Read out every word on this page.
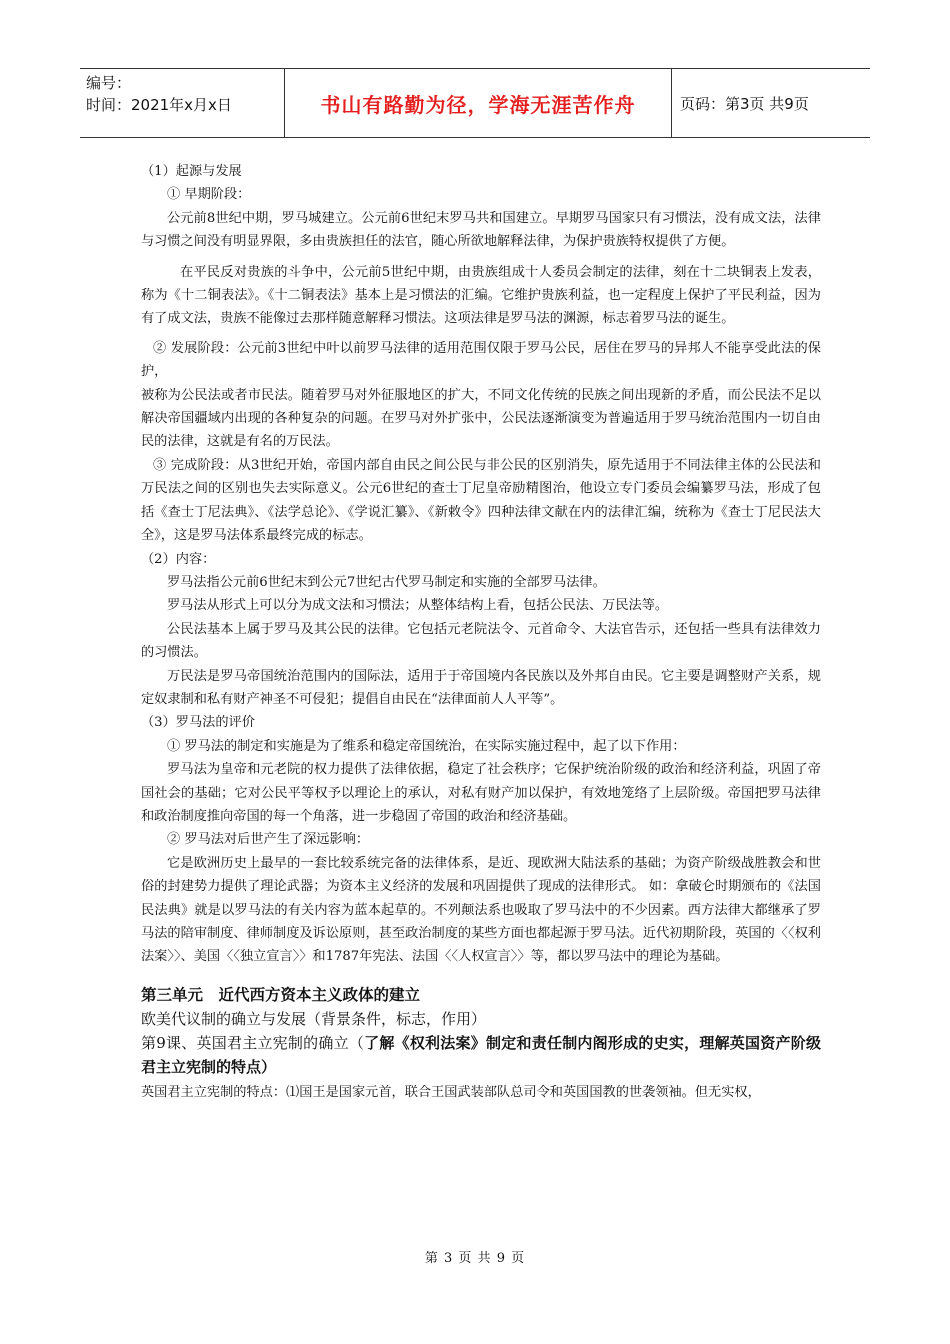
编号：
时间：2021年x月x日	书山有路勤为径，学海无涯苦作舟	页码：第3页 共9页

（1）起源与发展

① 早期阶段：

公元前8世纪中期，罗马城建立。公元前6世纪末罗马共和国建立。早期罗马国家只有习惯法，没有成文法，法律与习惯之间没有明显界限，多由贵族担任的法官，随心所欲地解释法律，为保护贵族特权提供了方便。

在平民反对贵族的斗争中，公元前5世纪中期，由贵族组成十人委员会制定的法律，刻在十二块铜表上发表，称为《十二铜表法》。《十二铜表法》基本上是习惯法的汇编。它维护贵族利益，也一定程度上保护了平民利益，因为有了成文法，贵族不能像过去那样随意解释习惯法。这项法律是罗马法的渊源，标志着罗马法的诞生。

② 发展阶段：公元前3世纪中叶以前罗马法律的适用范围仅限于罗马公民，居住在罗马的异邦人不能享受此法的保护，

被称为公民法或者市民法。随着罗马对外征服地区的扩大，不同文化传统的民族之间出现新的矛盾，而公民法不足以解决帝国疆域内出现的各种复杂的问题。在罗马对外扩张中，公民法逐渐演变为普遍适用于罗马统治范围内一切自由民的法律，这就是有名的万民法。

③ 完成阶段：从3世纪开始，帝国内部自由民之间公民与非公民的区别消失，原先适用于不同法律主体的公民法和万民法之间的区别也失去实际意义。公元6世纪的查士丁尼皇帝励精图治，他设立专门委员会编纂罗马法，形成了包括《查士丁尼法典》、《法学总论》、《学说汇纂》、《新敕令》四种法律文献在内的法律汇编，统称为《查士丁尼民法大全》，这是罗马法体系最终完成的标志。

（2）内容：

罗马法指公元前6世纪末到公元7世纪古代罗马制定和实施的全部罗马法律。

罗马法从形式上可以分为成文法和习惯法；从整体结构上看，包括公民法、万民法等。

公民法基本上属于罗马及其公民的法律。它包括元老院法令、元首命令、大法官告示，还包括一些具有法律效力的习惯法。

万民法是罗马帝国统治范围内的国际法，适用于于帝国境内各民族以及外邦自由民。它主要是调整财产关系，规定奴隶制和私有财产神圣不可侵犯；提倡自由民在“法律面前人人平等”。

（3）罗马法的评价

① 罗马法的制定和实施是为了维系和稳定帝国统治，在实际实施过程中，起了以下作用：

罗马法为皇帝和元老院的权力提供了法律依据，稳定了社会秩序；它保护统治阶级的政治和经济利益，巩固了帝国社会的基础；它对公民平等权予以理论上的承认，对私有财产加以保护，有效地笼络了上层阶级。帝国把罗马法律和政治制度推向帝国的每一个角落，进一步稳固了帝国的政治和经济基础。

② 罗马法对后世产生了深远影响：

它是欧洲历史上最早的一套比较系统完备的法律体系，是近、现欧洲大陆法系的基础；为资产阶级战胜教会和世俗的封建势力提供了理论武器；为资本主义经济的发展和巩固提供了现成的法律形式。 如：拿破仑时期颁布的《法国民法典》就是以罗马法的有关内容为蓝本起草的。不列颠法系也吸取了罗马法中的不少因素。西方法律大都继承了罗马法的陪审制度、律师制度及诉讼原则，甚至政治制度的某些方面也都起源于罗马法。近代初期阶段，英国的〈〈权利法案〉〉、美国〈〈独立宣言〉〉和1787年宪法、法国〈〈人权宣言〉〉等，都以罗马法中的理论为基础。

第三单元　近代西方资本主义政体的建立

欧美代议制的确立与发展（背景条件，标志，作用）

第9课、英国君主立宪制的确立（了解《权利法案》制定和责任制内阁形成的史实，理解英国资产阶级君主立宪制的特点）

英国君主立宪制的特点：⑴国王是国家元首，联合王国武装部队总司令和英国国教的世袭领袖。但无实权，

第 3 页 共 9 页
